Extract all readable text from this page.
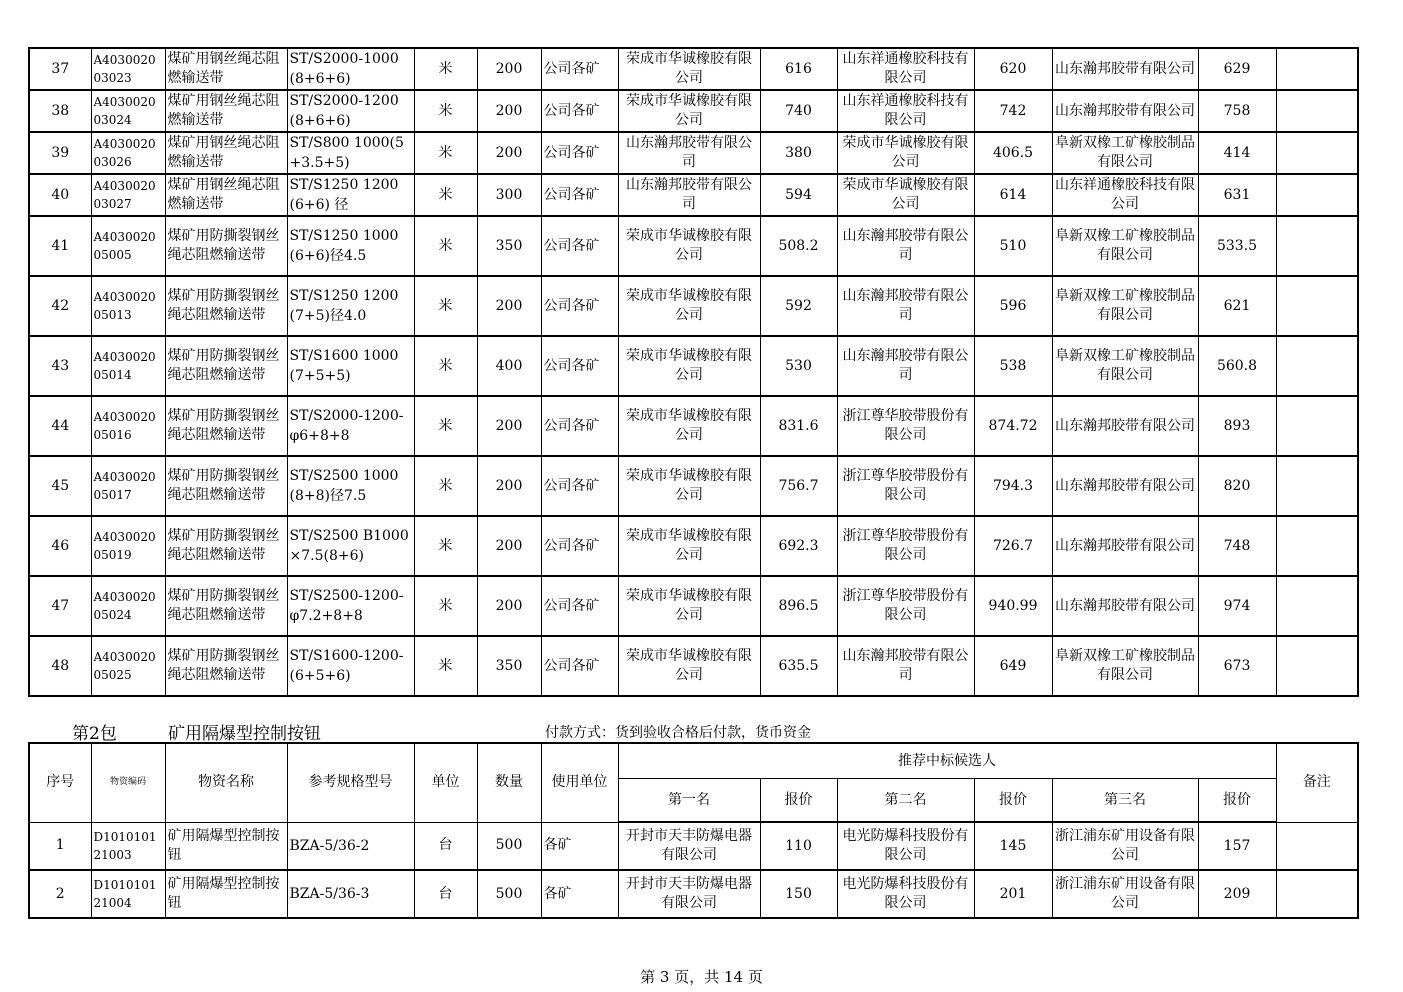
37	A403002003023	煤矿用钢丝绳芯阻燃输送带	ST/S2000-1000(8+6+6)	米	200	公司各矿	荣成市华诚橡胶有限公司	616	山东祥通橡胶科技有限公司	620	山东瀚邦胶带有限公司	629	
38	A403002003024	煤矿用钢丝绳芯阻燃输送带	ST/S2000-1200(8+6+6)	米	200	公司各矿	荣成市华诚橡胶有限公司	740	山东祥通橡胶科技有限公司	742	山东瀚邦胶带有限公司	758	
39	A403002003026	煤矿用钢丝绳芯阻燃输送带	ST/S800 1000(5+3.5+5)	米	200	公司各矿	山东瀚邦胶带有限公司	380	荣成市华诚橡胶有限公司	406.5	阜新双橡工矿橡胶制品有限公司	414	
40	A403002003027	煤矿用钢丝绳芯阻燃输送带	ST/S1250 1200(6+6) 径	米	300	公司各矿	山东瀚邦胶带有限公司	594	荣成市华诚橡胶有限公司	614	山东祥通橡胶科技有限公司	631	
41	A403002005005	煤矿用防撕裂钢丝绳芯阻燃输送带	ST/S1250 1000(6+6)径4.5	米	350	公司各矿	荣成市华诚橡胶有限公司	508.2	山东瀚邦胶带有限公司	510	阜新双橡工矿橡胶制品有限公司	533.5	
42	A403002005013	煤矿用防撕裂钢丝绳芯阻燃输送带	ST/S1250 1200(7+5)径4.0	米	200	公司各矿	荣成市华诚橡胶有限公司	592	山东瀚邦胶带有限公司	596	阜新双橡工矿橡胶制品有限公司	621	
43	A403002005014	煤矿用防撕裂钢丝绳芯阻燃输送带	ST/S1600 1000(7+5+5)	米	400	公司各矿	荣成市华诚橡胶有限公司	530	山东瀚邦胶带有限公司	538	阜新双橡工矿橡胶制品有限公司	560.8	
44	A403002005016	煤矿用防撕裂钢丝绳芯阻燃输送带	ST/S2000-1200-φ6+8+8	米	200	公司各矿	荣成市华诚橡胶有限公司	831.6	浙江尊华胶带股份有限公司	874.72	山东瀚邦胶带有限公司	893	
45	A403002005017	煤矿用防撕裂钢丝绳芯阻燃输送带	ST/S2500 1000(8+8)径7.5	米	200	公司各矿	荣成市华诚橡胶有限公司	756.7	浙江尊华胶带股份有限公司	794.3	山东瀚邦胶带有限公司	820	
46	A403002005019	煤矿用防撕裂钢丝绳芯阻燃输送带	ST/S2500 B1000×7.5(8+6)	米	200	公司各矿	荣成市华诚橡胶有限公司	692.3	浙江尊华胶带股份有限公司	726.7	山东瀚邦胶带有限公司	748	
47	A403002005024	煤矿用防撕裂钢丝绳芯阻燃输送带	ST/S2500-1200-φ7.2+8+8	米	200	公司各矿	荣成市华诚橡胶有限公司	896.5	浙江尊华胶带股份有限公司	940.99	山东瀚邦胶带有限公司	974	
48	A403002005025	煤矿用防撕裂钢丝绳芯阻燃输送带	ST/S1600-1200-(6+5+6)	米	350	公司各矿	荣成市华诚橡胶有限公司	635.5	山东瀚邦胶带有限公司	649	阜新双橡工矿橡胶制品有限公司	673	
第2包	矿用隔爆型控制按钮	付款方式：货到验收合格后付款，货币资金
序号	物资编码	物资名称	参考规格型号	单位	数量	使用单位	推荐中标候选人						备注
							第一名	报价	第二名	报价	第三名	报价	
1	D101010121003	矿用隔爆型控制按钮	BZA-5/36-2	台	500	各矿	开封市天丰防爆电器有限公司	110	电光防爆科技股份有限公司	145	浙江浦东矿用设备有限公司	157	
2	D101010121004	矿用隔爆型控制按钮	BZA-5/36-3	台	500	各矿	开封市天丰防爆电器有限公司	150	电光防爆科技股份有限公司	201	浙江浦东矿用设备有限公司	209	
第 3 页，共 14 页
